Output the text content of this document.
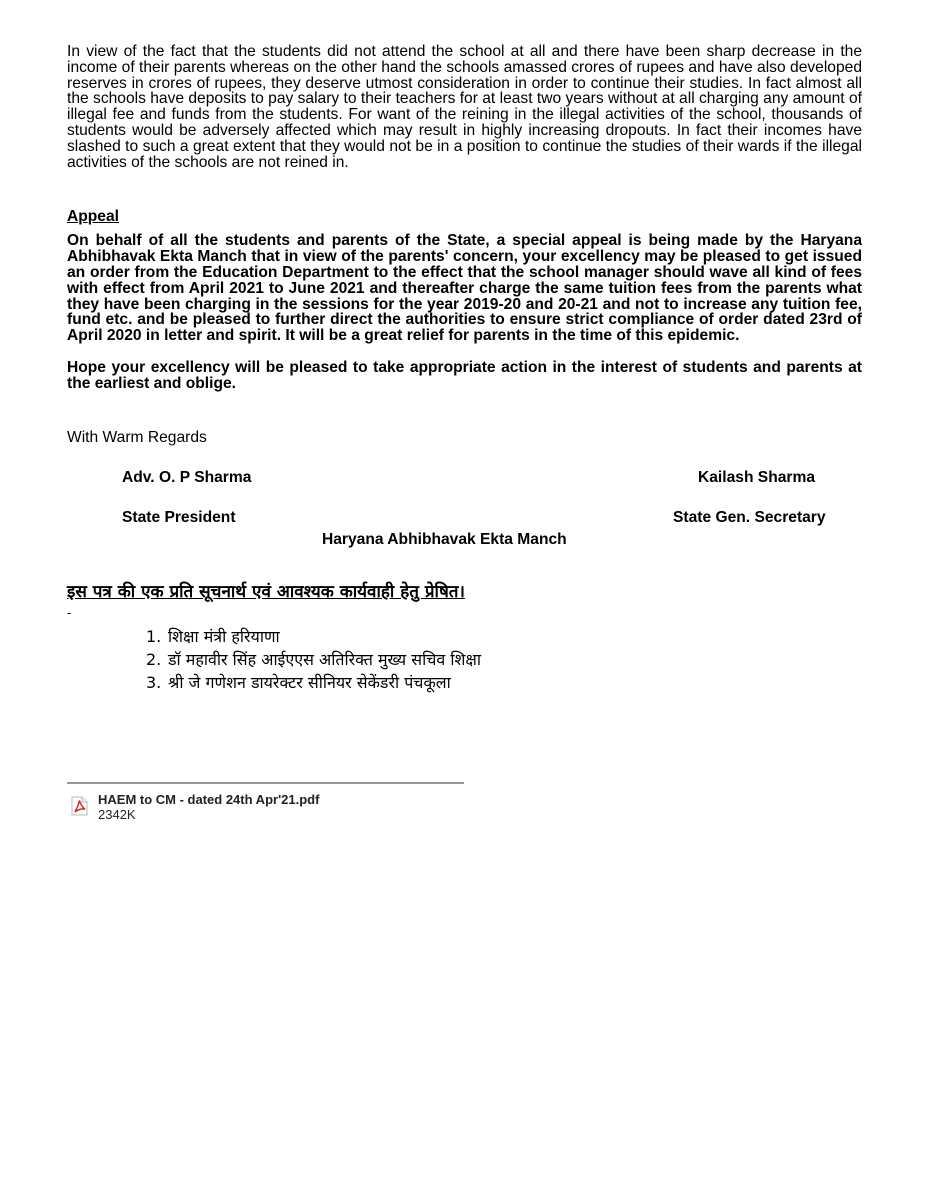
In view of the fact that the students did not attend the school at all and there have been sharp decrease in the income of their parents whereas on the other hand the schools amassed crores of rupees and have also developed reserves in crores of rupees, they deserve utmost consideration in order to continue their studies. In fact almost all the schools have deposits to pay salary to their teachers for at least two years without at all charging any amount of illegal fee and funds from the students. For want of the reining in the illegal activities of the school, thousands of students would be adversely affected which may result in highly increasing dropouts. In fact their incomes have slashed to such a great extent that they would not be in a position to continue the studies of their wards if the illegal activities of the schools are not reined in.

Appeal

On behalf of all the students and parents of the State, a special appeal is being made by the Haryana Abhibhavak Ekta Manch that in view of the parents' concern, your excellency may be pleased to get issued an order from the Education Department to the effect that the school manager should wave all kind of fees with effect from April 2021 to June 2021 and thereafter charge the same tuition fees from the parents what they have been charging in the sessions for the year 2019-20 and 20-21 and not to increase any tuition fee, fund etc. and be pleased to further direct the authorities to ensure strict compliance of order dated 23rd of April 2020 in letter and spirit. It will be a great relief for parents in the time of this epidemic.

Hope your excellency will be pleased to take appropriate action in the interest of students and parents at the earliest and oblige.

With Warm Regards
Adv. O. P Sharma	Kailash Sharma
State President	State Gen. Secretary
Haryana Abhibhavak Ekta Manch
इस पत्र की एक प्रति सूचनार्थ एवं आवश्यक कार्यवाही हेतु प्रेषित।
-
1. शिक्षा मंत्री हरियाणा
2. डॉ महावीर सिंह आईएएस अतिरिक्त मुख्य सचिव शिक्षा
3. श्री जे गणेशन डायरेक्टर सीनियर सेकेंडरी पंचकूला
HAEM to CM - dated 24th Apr'21.pdf
2342K
